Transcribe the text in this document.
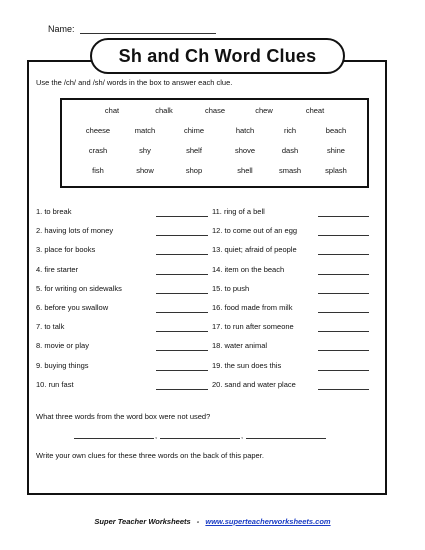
Name:
Sh and Ch Word Clues
Use the /ch/ and /sh/ words in the box to answer each clue.
chat	chalk	chase	chew	cheat
cheese	match	chime	hatch	rich	beach
crash	shy	shelf	shove	dash	shine
fish	show	shop	shell	smash	splash
1. to break	11. ring of a bell
2. having lots of money	12. to come out of an egg
3. place for books	13. quiet; afraid of people
4. fire starter	14. item on the beach
5. for writing on sidewalks	15. to push
6. before you swallow	16. food made from milk
7. to talk	17. to run after someone
8. movie or play	18. water animal
9. buying things	19. the sun does this
10. run fast	20. sand and water place
What three words from the word box were not used?
,	,
Write your own clues for these three words on the back of this paper.
Super Teacher Worksheets - www.superteacherworksheets.com
